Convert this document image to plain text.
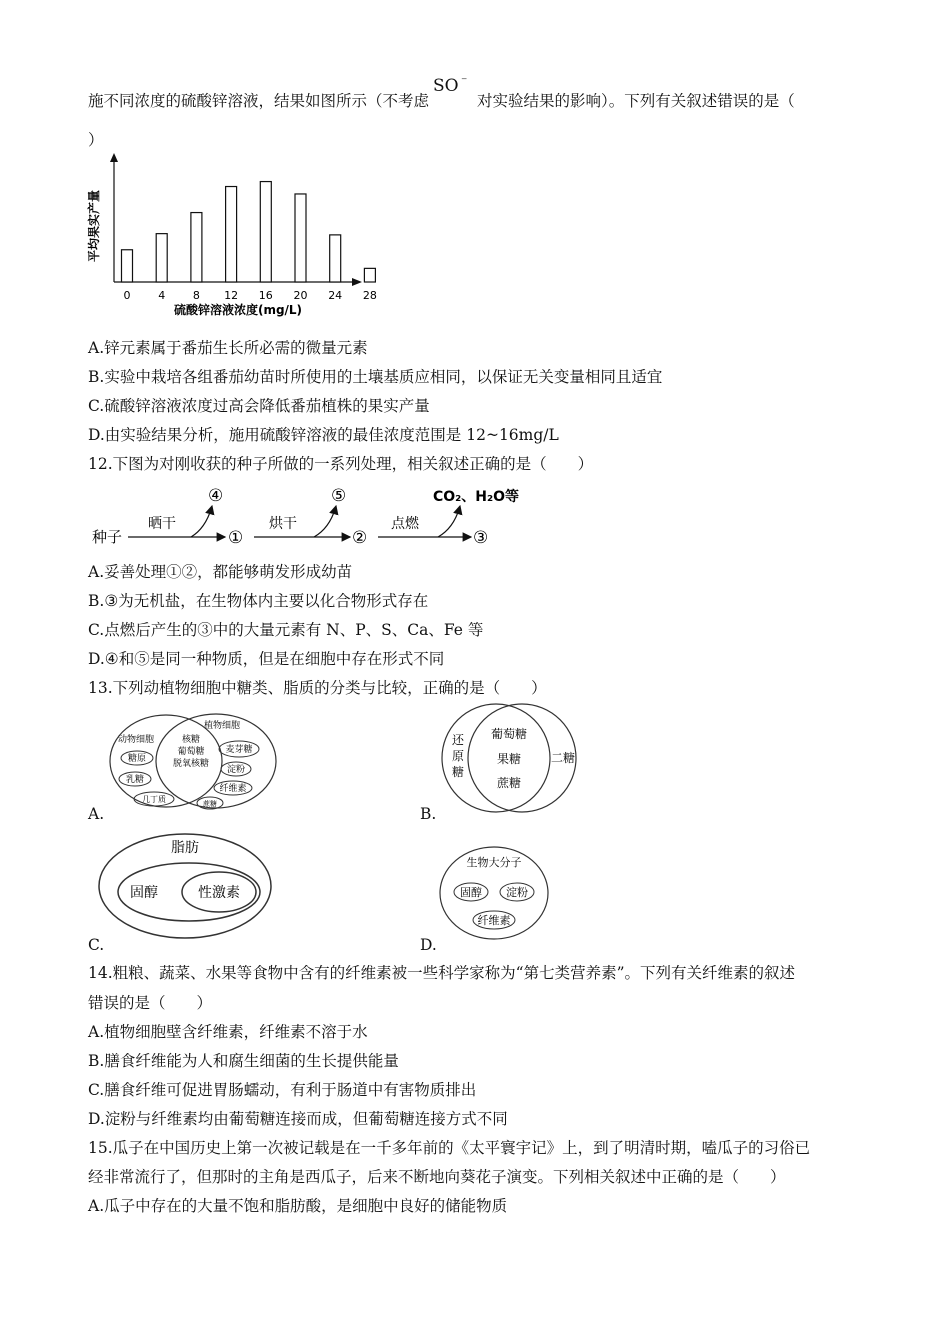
施不同浓度的硫酸锌溶液，结果如图所示（不考虑
SO ⁻
对实验结果的影响）。下列有关叙述错误的是（
）
0	4	8 12 16 20 24 28
平均果实产量
硫酸锌溶液浓度(mg/L)
A.锌元素属于番茄生长所必需的微量元素
B.实验中栽培各组番茄幼苗时所使用的土壤基质应相同，以保证无关变量相同且适宜
C.硫酸锌溶液浓度过高会降低番茄植株的果实产量
D.由实验结果分析，施用硫酸锌溶液的最佳浓度范围是 12~16mg/L
12.下图为对刚收获的种子所做的一系列处理，相关叙述正确的是（　　）
种子
晒干
④
①
烘干
⑤
②
点燃
CO₂、H₂O等
③
A.妥善处理①②，都能够萌发形成幼苗
B.③为无机盐，在生物体内主要以化合物形式存在
C.点燃后产生的③中的大量元素有 N、P、S、Ca、Fe 等
D.④和⑤是同一种物质，但是在细胞中存在形式不同
13.下列动植物细胞中糖类、脂质的分类与比较，正确的是（　　）
动物细胞
植物细胞
糖原
乳糖
几丁质
核糖
葡萄糖
脱氧核糖
麦芽糖
淀粉
纤维素
蔗糖
A.
还
原
糖
葡萄糖
果糖
蔗糖
二糖
B.
脂肪
固醇	性激素
C.
生物大分子
固醇 淀粉
纤维素
D.
14.粗粮、蔬菜、水果等食物中含有的纤维素被一些科学家称为“第七类营养素”。下列有关纤维素的叙述
错误的是（　　）
A.植物细胞壁含纤维素，纤维素不溶于水
B.膳食纤维能为人和腐生细菌的生长提供能量
C.膳食纤维可促进胃肠蠕动，有利于肠道中有害物质排出
D.淀粉与纤维素均由葡萄糖连接而成，但葡萄糖连接方式不同
15.瓜子在中国历史上第一次被记载是在一千多年前的《太平寰宇记》上，到了明清时期，嗑瓜子的习俗已
经非常流行了，但那时的主角是西瓜子，后来不断地向葵花子演变。下列相关叙述中正确的是（　　）
A.瓜子中存在的大量不饱和脂肪酸，是细胞中良好的储能物质
